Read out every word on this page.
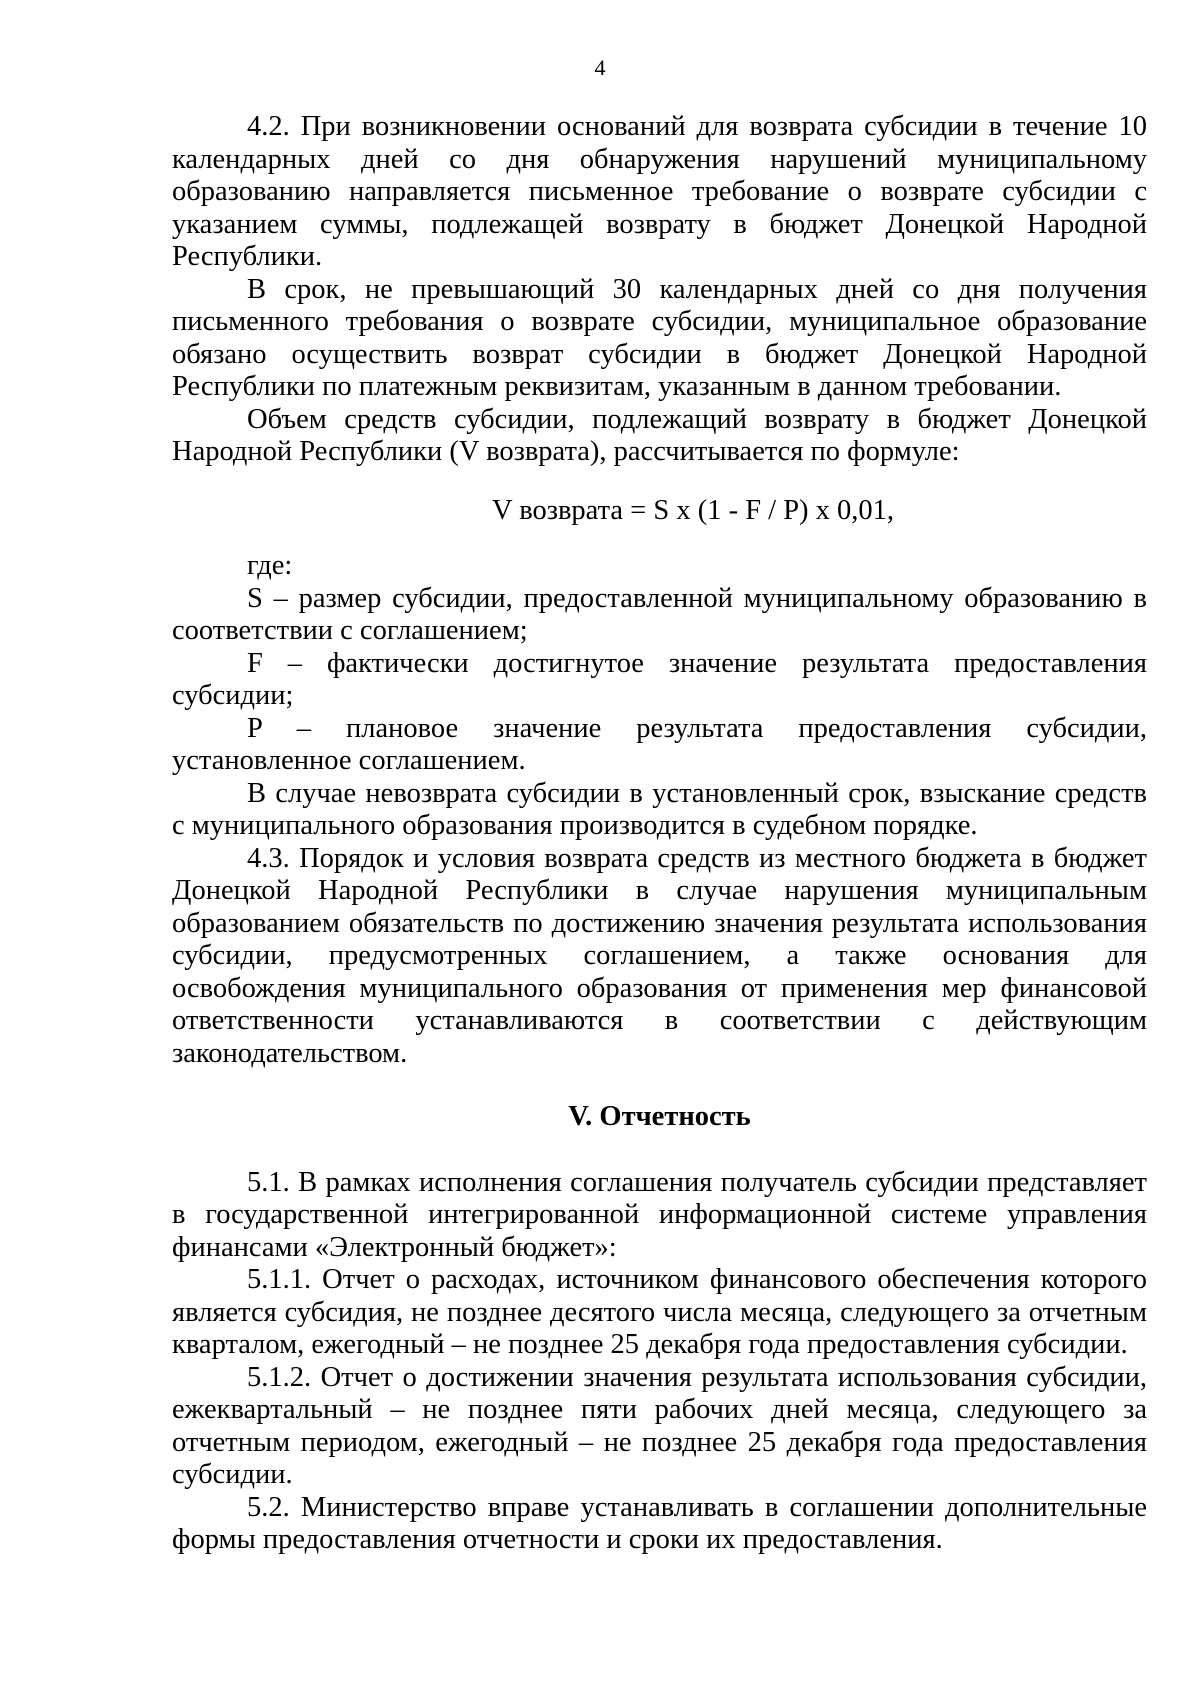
4

4.2. При возникновении оснований для возврата субсидии в течение 10 календарных дней со дня обнаружения нарушений муниципальному образованию направляется письменное требование о возврате субсидии с указанием суммы, подлежащей возврату в бюджет Донецкой Народной Республики.

В срок, не превышающий 30 календарных дней со дня получения письменного требования о возврате субсидии, муниципальное образование обязано осуществить возврат субсидии в бюджет Донецкой Народной Республики по платежным реквизитам, указанным в данном требовании.

Объем средств субсидии, подлежащий возврату в бюджет Донецкой Народной Республики (V возврата), рассчитывается по формуле:

V возврата = S x (1 - F / P) x 0,01,

где:

S – размер субсидии, предоставленной муниципальному образованию в соответствии с соглашением;

F – фактически достигнутое значение результата предоставления субсидии;

P – плановое значение результата предоставления субсидии, установленное соглашением.

В случае невозврата субсидии в установленный срок, взыскание средств с муниципального образования производится в судебном порядке.

4.3. Порядок и условия возврата средств из местного бюджета в бюджет Донецкой Народной Республики в случае нарушения муниципальным образованием обязательств по достижению значения результата использования субсидии, предусмотренных соглашением, а также основания для освобождения муниципального образования от применения мер финансовой ответственности устанавливаются в соответствии с действующим законодательством.

V. Отчетность

5.1. В рамках исполнения соглашения получатель субсидии представляет в государственной интегрированной информационной системе управления финансами «Электронный бюджет»:

5.1.1. Отчет о расходах, источником финансового обеспечения которого является субсидия, не позднее десятого числа месяца, следующего за отчетным кварталом, ежегодный – не позднее 25 декабря года предоставления субсидии.

5.1.2. Отчет о достижении значения результата использования субсидии, ежеквартальный – не позднее пяти рабочих дней месяца, следующего за отчетным периодом, ежегодный – не позднее 25 декабря года предоставления субсидии.

5.2. Министерство вправе устанавливать в соглашении дополнительные формы предоставления отчетности и сроки их предоставления.
